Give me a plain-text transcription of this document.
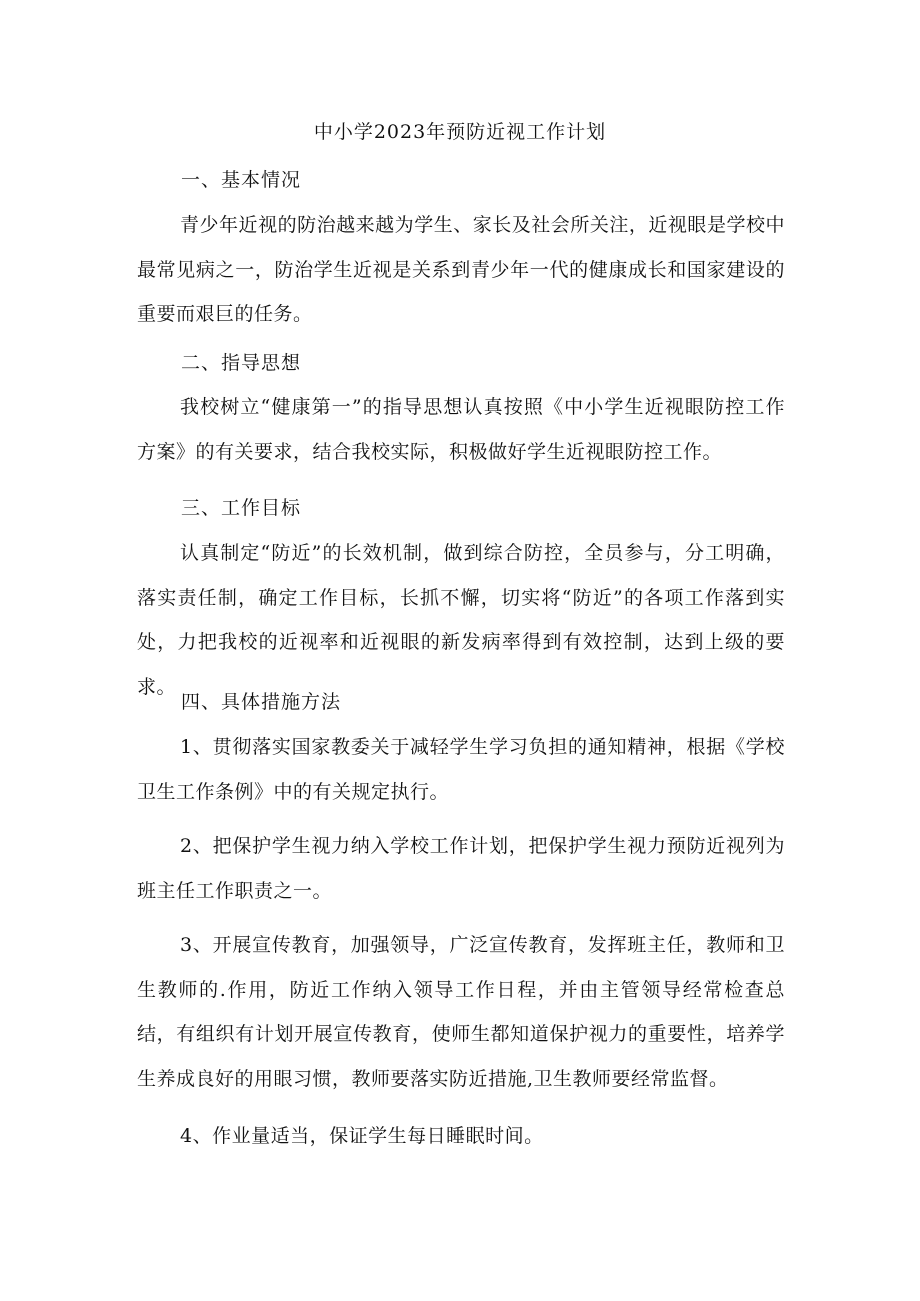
中小学2023年预防近视工作计划
一、基本情况
青少年近视的防治越来越为学生、家长及社会所关注，近视眼是学校中最常见病之一，防治学生近视是关系到青少年一代的健康成长和国家建设的重要而艰巨的任务。
二、指导思想
我校树立“健康第一”的指导思想认真按照《中小学生近视眼防控工作方案》的有关要求，结合我校实际，积极做好学生近视眼防控工作。
三、工作目标
认真制定“防近”的长效机制，做到综合防控，全员参与，分工明确，落实责任制，确定工作目标，长抓不懈，切实将“防近”的各项工作落到实处，力把我校的近视率和近视眼的新发病率得到有效控制，达到上级的要求。
四、具体措施方法
1、贯彻落实国家教委关于减轻学生学习负担的通知精神，根据《学校卫生工作条例》中的有关规定执行。
2、把保护学生视力纳入学校工作计划，把保护学生视力预防近视列为班主任工作职责之一。
3、开展宣传教育，加强领导，广泛宣传教育，发挥班主任，教师和卫生教师的.作用，防近工作纳入领导工作日程，并由主管领导经常检查总结，有组织有计划开展宣传教育，使师生都知道保护视力的重要性，培养学生养成良好的用眼习惯，教师要落实防近措施,卫生教师要经常监督。
4、作业量适当，保证学生每日睡眠时间。
